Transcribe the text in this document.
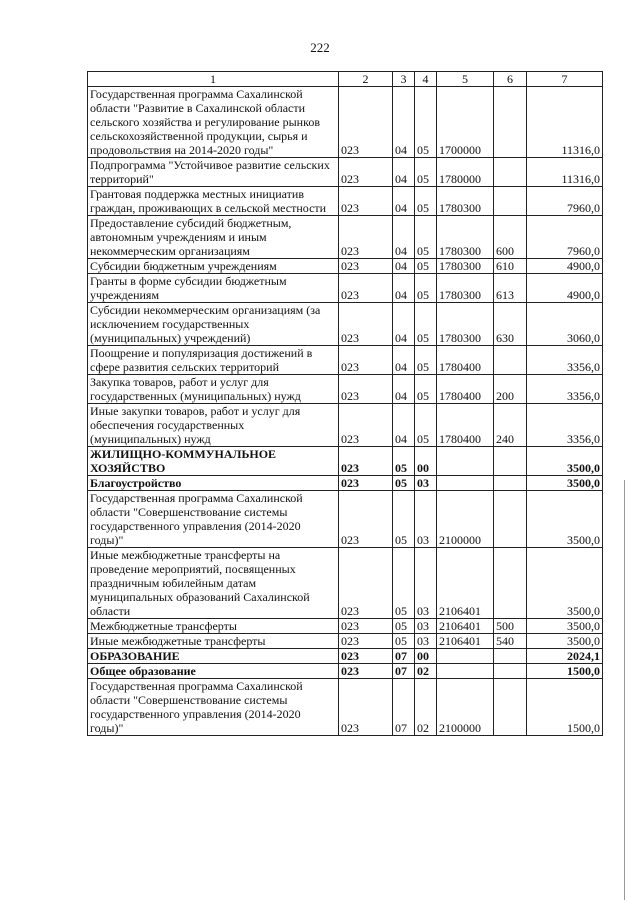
222
1	2	3	4	5	6	7
Государственная программа Сахалинской области "Развитие в Сахалинской области сельского хозяйства и регулирование рынков сельскохозяйственной продукции, сырья и продовольствия на 2014-2020 годы"	023	04	05	1700000		11316,0
Подпрограмма "Устойчивое развитие сельских территорий"	023	04	05	1780000		11316,0
Грантовая поддержка местных инициатив граждан, проживающих в сельской местности	023	04	05	1780300		7960,0
Предоставление субсидий бюджетным, автономным учреждениям и иным некоммерческим организациям	023	04	05	1780300	600	7960,0
Субсидии бюджетным учреждениям	023	04	05	1780300	610	4900,0
Гранты в форме субсидии бюджетным учреждениям	023	04	05	1780300	613	4900,0
Субсидии некоммерческим организациям (за исключением государственных (муниципальных) учреждений)	023	04	05	1780300	630	3060,0
Поощрение и популяризация достижений в сфере развития сельских территорий	023	04	05	1780400		3356,0
Закупка товаров, работ и услуг для государственных (муниципальных) нужд	023	04	05	1780400	200	3356,0
Иные закупки товаров, работ и услуг для обеспечения государственных (муниципальных) нужд	023	04	05	1780400	240	3356,0
ЖИЛИЩНО-КОММУНАЛЬНОЕ ХОЗЯЙСТВО	023	05	00			3500,0
Благоустройство	023	05	03			3500,0
Государственная программа Сахалинской области "Совершенствование системы государственного управления (2014-2020 годы)"	023	05	03	2100000		3500,0
Иные межбюджетные трансферты на проведение мероприятий, посвященных праздничным юбилейным датам муниципальных образований Сахалинской области	023	05	03	2106401		3500,0
Межбюджетные трансферты	023	05	03	2106401	500	3500,0
Иные межбюджетные трансферты	023	05	03	2106401	540	3500,0
ОБРАЗОВАНИЕ	023	07	00			2024,1
Общее образование	023	07	02			1500,0
Государственная программа Сахалинской области "Совершенствование системы государственного управления (2014-2020 годы)"	023	07	02	2100000		1500,0
